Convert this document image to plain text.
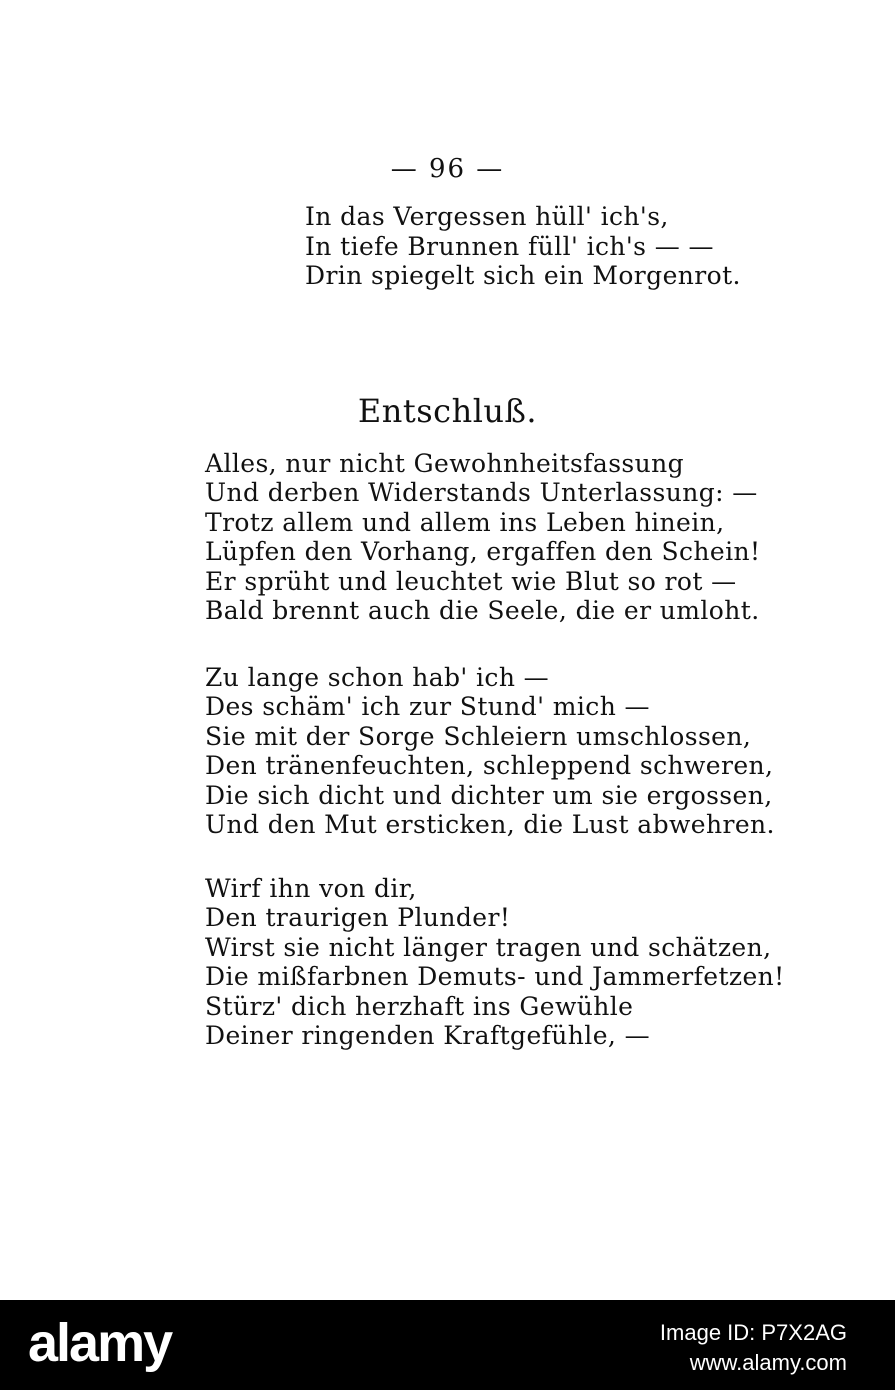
— 96 —
In das Vergessen hüll' ich's,
In tiefe Brunnen füll' ich's — —
Drin spiegelt sich ein Morgenrot.
Entschluß.
Alles, nur nicht Gewohnheitsfassung
Und derben Widerstands Unterlassung: —
Trotz allem und allem ins Leben hinein,
Lüpfen den Vorhang, ergaffen den Schein!
Er sprüht und leuchtet wie Blut so rot —
Bald brennt auch die Seele, die er umloht.
Zu lange schon hab' ich —
Des schäm' ich zur Stund' mich —
Sie mit der Sorge Schleiern umschlossen,
Den tränenfeuchten, schleppend schweren,
Die sich dicht und dichter um sie ergossen,
Und den Mut ersticken, die Lust abwehren.
Wirf ihn von dir,
Den traurigen Plunder!
Wirst sie nicht länger tragen und schätzen,
Die mißfarbnen Demuts- und Jammerfetzen!
Stürz' dich herzhaft ins Gewühle
Deiner ringenden Kraftgefühle, —
alamy	Image ID: P7X2AG
www.alamy.com
